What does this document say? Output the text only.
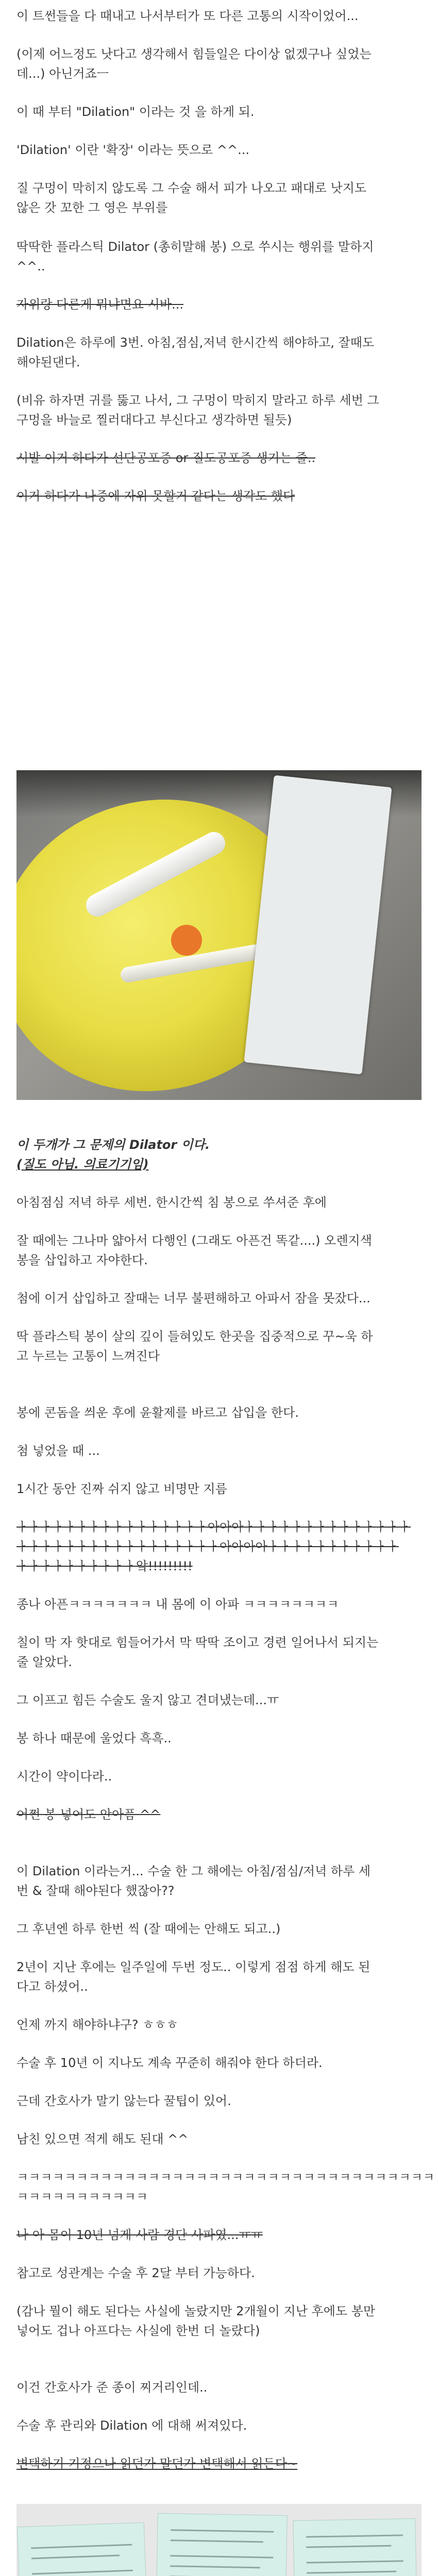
이 트썬들을 다 때내고 나서부터가 또 다른 고통의 시작이었어...
(이제 어느정도 낫다고 생각해서 힘들일은 다이상 없겠구나 싶었는
데...) 아닌거죠ㅡ
이 때 부터 "Dilation" 이라는 것 을 하게 되.
'Dilation' 이란 '확장' 이라는 뜻으로 ^^...
질 구멍이 막히지 않도록 그 수술 해서 피가 나오고 패대로 낫지도
않은 갓 꼬한 그 영은 부위를
딱딱한 플라스틱 Dilator (총히말해 봉) 으로 쑤시는 행위를 말하지
^^..
자위랑 다른게 뭐냐면요 시바...
Dilation은 하루에 3번. 아침,점심,저녁 한시간씩 해야하고, 잘때도
해야된댄다.
(비유 하자면 귀를 뚫고 나서, 그 구멍이 막히지 말라고 하루 세번 그
구멍을 바늘로 찔러대다고 부신다고 생각하면 될듯)
시발 이거 하다가 선단공포증 or 질도공포증 생기는 줄..
이거 하다가 나중에 자위 못할거 같다는 생각도 했다
이 두개가 그 문제의 Dilator 이다.
(질도 아님. 의료기기임)
아침점심 저녁 하루 세번. 한시간씩 침 봉으로 쑤셔준 후에
잘 때에는 그나마 얇아서 다행인 (그래도 아픈건 똑같....) 오렌지색
봉을 삽입하고 자야한다.
첨에 이거 삽입하고 잘때는 너무 불편해하고 아파서 잠을 못잤다...
딱 플라스틱 봉이 살의 깊이 들혀있도 한곳을 집중적으로 꾸~욱 하
고 누르는 고통이 느껴진다
봉에 콘돔을 씌운 후에 윤활제를 바르고 삽입을 한다.
첨 넣었을 때 ...
1시간 동안 진짜 쉬지 않고 비명만 지름
ㅏㅏㅏㅏㅏㅏㅏㅏㅏㅏㅏㅏㅏㅏㅏㅏ아아아ㅏㅏㅏㅏㅏㅏㅏㅏㅏㅏㅏㅏㅏㅏ
ㅏㅏㅏㅏㅏㅏㅏㅏㅏㅏㅏㅏㅏㅏㅏㅏㅏ아아아아ㅏㅏㅏㅏㅏㅏㅏㅏㅏㅏㅏ
ㅏㅏㅏㅏㅏㅏㅏㅏㅏㅏ앜!!!!!!!!!
종나 아픈ㅋㅋㅋㅋㅋㅋㅋ 내 몸에 이 아파 ㅋㅋㅋㅋㅋㅋㅋㅋ
칠이 막 자 핫대로 힘들어가서 막 딱딱 조이고 경련 일어나서 되지는
줄 알았다.
그 이프고 힘든 수술도 울지 않고 견뎌냈는데...ㅠ
봉 하나 때문에 울었다 흑흑..
시간이 약이다라..
어쩐 봉 넣어도 안아픔 ^^
이 Dilation 이라는거... 수술 한 그 해에는 아침/점심/저녁 하루 세
번 & 잘때 해야된다 했잖아??
그 후년엔 하루 한번 씩 (잘 때에는 안해도 되고..)
2년이 지난 후에는 일주일에 두번 정도.. 이렇게 점점 하게 해도 된
다고 하셨어..
언제 까지 해야하냐구? ㅎㅎㅎ
수술 후 10년 이 지나도 계속 꾸준히 해줘야 한다 하더라.
근데 간호사가 말기 않는다 꿀팁이 있어.
남친 있으면 적게 해도 된대 ^^
ㅋㅋㅋㅋㅋㅋㅋㅋㅋㅋㅋㅋㅋㅋㅋㅋㅋㅋㅋㅋㅋㅋㅋㅋㅋㅋㅋㅋㅋㅋㅋㅋㅋㅋㅋ
ㅋㅋㅋㅋㅋㅋㅋㅋㅋㅋㅋ
나 아 몸이 10년 넘게 사람 경단 사파였...ㅠㅠ
참고로 성관계는 수술 후 2달 부터 가능하다.
(감나 뭘이 해도 된다는 사실에 놀랐지만 2개월이 지난 후에도 봉만
넣어도 겁나 아프다는 사실에 한번 더 놀랐다)
이건 간호사가 준 종이 찌거리인데..
수술 후 관리와 Dilation 에 대해 써져있다.
변택하기 기정으나 읽던가 말던가 변택해서 읽든다~
